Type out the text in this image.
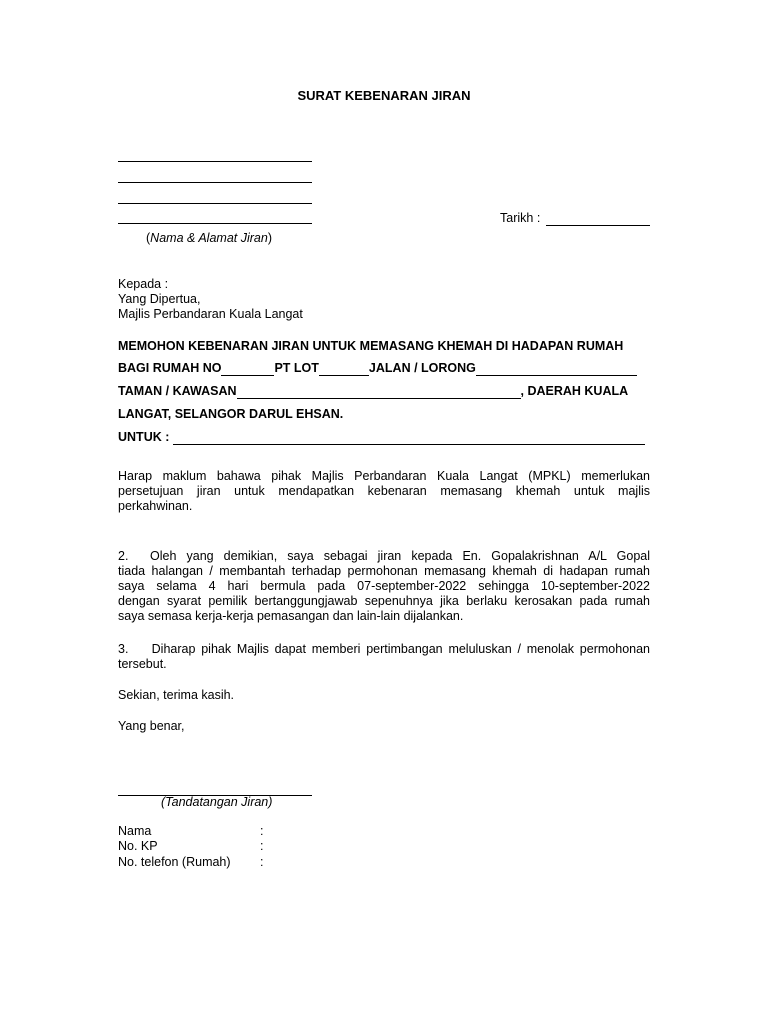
SURAT KEBENARAN JIRAN
(Nama & Alamat Jiran)
Tarikh :
Kepada :
Yang Dipertua,
Majlis Perbandaran Kuala Langat
MEMOHON KEBENARAN JIRAN UNTUK MEMASANG KHEMAH DI HADAPAN RUMAH
BAGI RUMAH NO	PT LOT	JALAN / LORONG
TAMAN / KAWASAN	, DAERAH KUALA
LANGAT, SELANGOR DARUL EHSAN.
UNTUK :
Harap maklum bahawa pihak Majlis Perbandaran Kuala Langat (MPKL) memerlukan
persetujuan jiran untuk mendapatkan kebenaran memasang khemah untuk majlis
perkahwinan.
2. Oleh yang demikian, saya sebagai jiran kepada En. Gopalakrishnan A/L Gopal
tiada halangan / membantah terhadap permohonan memasang khemah di hadapan rumah
saya selama 4 hari bermula pada 07-september-2022 sehingga 10-september-2022
dengan syarat pemilik bertanggungjawab sepenuhnya jika berlaku kerosakan pada rumah
saya semasa kerja-kerja pemasangan dan lain-lain dijalankan.
3.    Diharap pihak Majlis dapat memberi pertimbangan meluluskan / menolak permohonan
tersebut.
Sekian, terima kasih.
Yang benar,
(Tandatangan Jiran)
Nama	:
No. KP	:
No. telefon (Rumah) :
